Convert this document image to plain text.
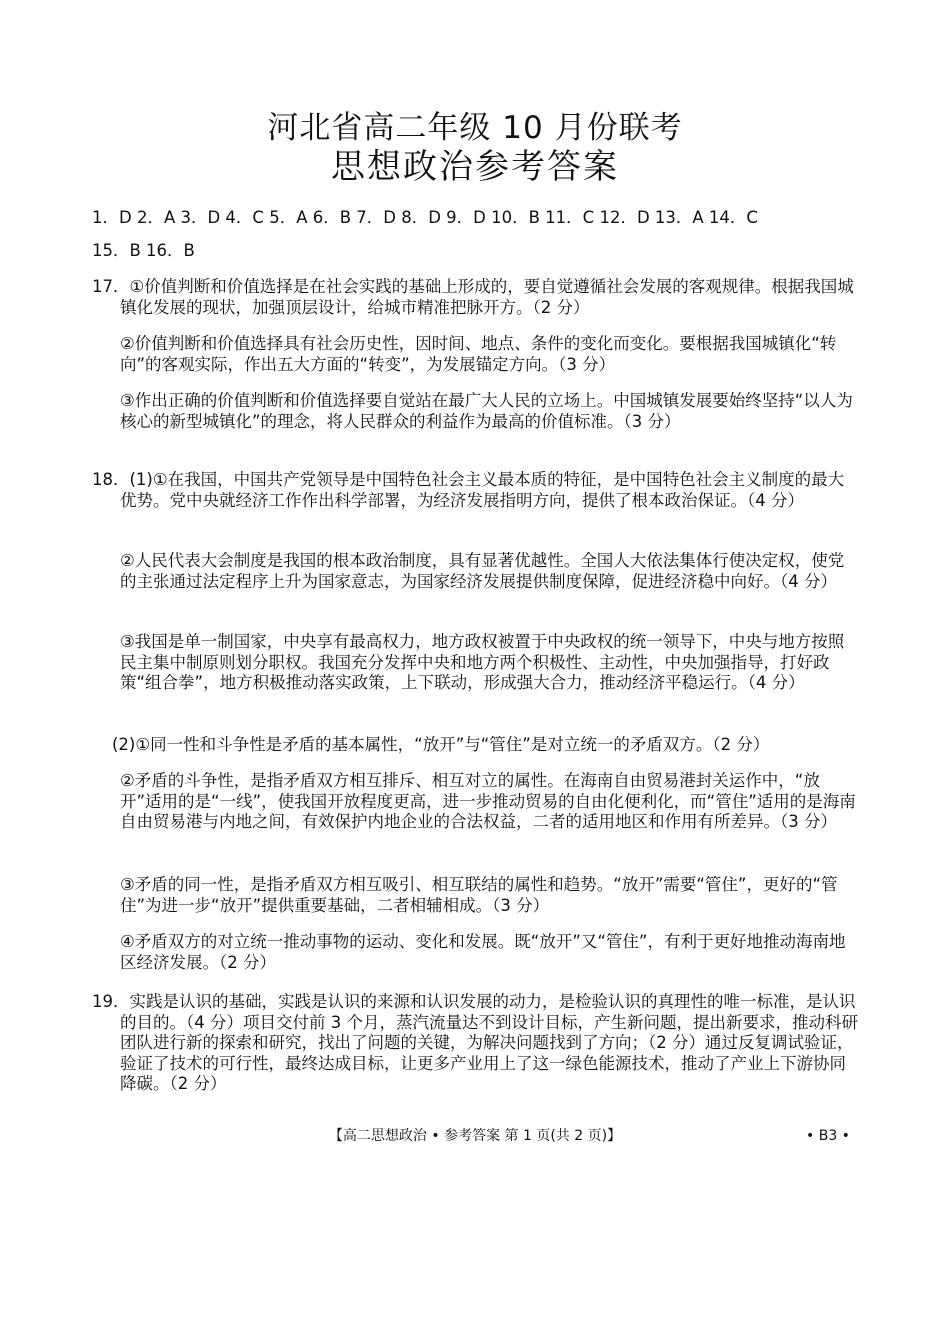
河北省高二年级 10 月份联考
思想政治参考答案
1．D 2．A 3．D 4．C 5．A 6．B 7．D 8．D 9．D 10．B 11．C 12．D 13．A 14．C
15．B 16．B
17．①价值判断和价值选择是在社会实践的基础上形成的，要自觉遵循社会发展的客观规律。根据我国城镇化发展的现状，加强顶层设计，给城市精准把脉开方。（2 分）
②价值判断和价值选择具有社会历史性，因时间、地点、条件的变化而变化。要根据我国城镇化“转向”的客观实际，作出五大方面的“转变”，为发展锚定方向。（3 分）
③作出正确的价值判断和价值选择要自觉站在最广大人民的立场上。中国城镇发展要始终坚持“以人为核心的新型城镇化”的理念，将人民群众的利益作为最高的价值标准。（3 分）
18．(1)①在我国，中国共产党领导是中国特色社会主义最本质的特征，是中国特色社会主义制度的最大优势。党中央就经济工作作出科学部署，为经济发展指明方向，提供了根本政治保证。（4 分）
②人民代表大会制度是我国的根本政治制度，具有显著优越性。全国人大依法集体行使决定权，使党的主张通过法定程序上升为国家意志，为国家经济发展提供制度保障，促进经济稳中向好。（4 分）
③我国是单一制国家，中央享有最高权力，地方政权被置于中央政权的统一领导下，中央与地方按照民主集中制原则划分职权。我国充分发挥中央和地方两个积极性、主动性，中央加强指导，打好政策“组合拳”，地方积极推动落实政策，上下联动，形成强大合力，推动经济平稳运行。（4 分）
(2)①同一性和斗争性是矛盾的基本属性，“放开”与“管住”是对立统一的矛盾双方。（2 分）
②矛盾的斗争性，是指矛盾双方相互排斥、相互对立的属性。在海南自由贸易港封关运作中，“放开”适用的是“一线”，使我国开放程度更高，进一步推动贸易的自由化便利化，而“管住”适用的是海南自由贸易港与内地之间，有效保护内地企业的合法权益，二者的适用地区和作用有所差异。（3 分）
③矛盾的同一性，是指矛盾双方相互吸引、相互联结的属性和趋势。“放开”需要“管住”，更好的“管住”为进一步“放开”提供重要基础，二者相辅相成。（3 分）
④矛盾双方的对立统一推动事物的运动、变化和发展。既“放开”又“管住”，有利于更好地推动海南地区经济发展。（2 分）
19．实践是认识的基础，实践是认识的来源和认识发展的动力，是检验认识的真理性的唯一标准，是认识的目的。（4 分）项目交付前 3 个月，蒸汽流量达不到设计目标，产生新问题，提出新要求，推动科研团队进行新的探索和研究，找出了问题的关键，为解决问题找到了方向；（2 分）通过反复调试验证，验证了技术的可行性，最终达成目标，让更多产业用上了这一绿色能源技术，推动了产业上下游协同降碳。（2 分）
【高二思想政治 • 参考答案 第 1 页(共 2 页)】	• B3 •
